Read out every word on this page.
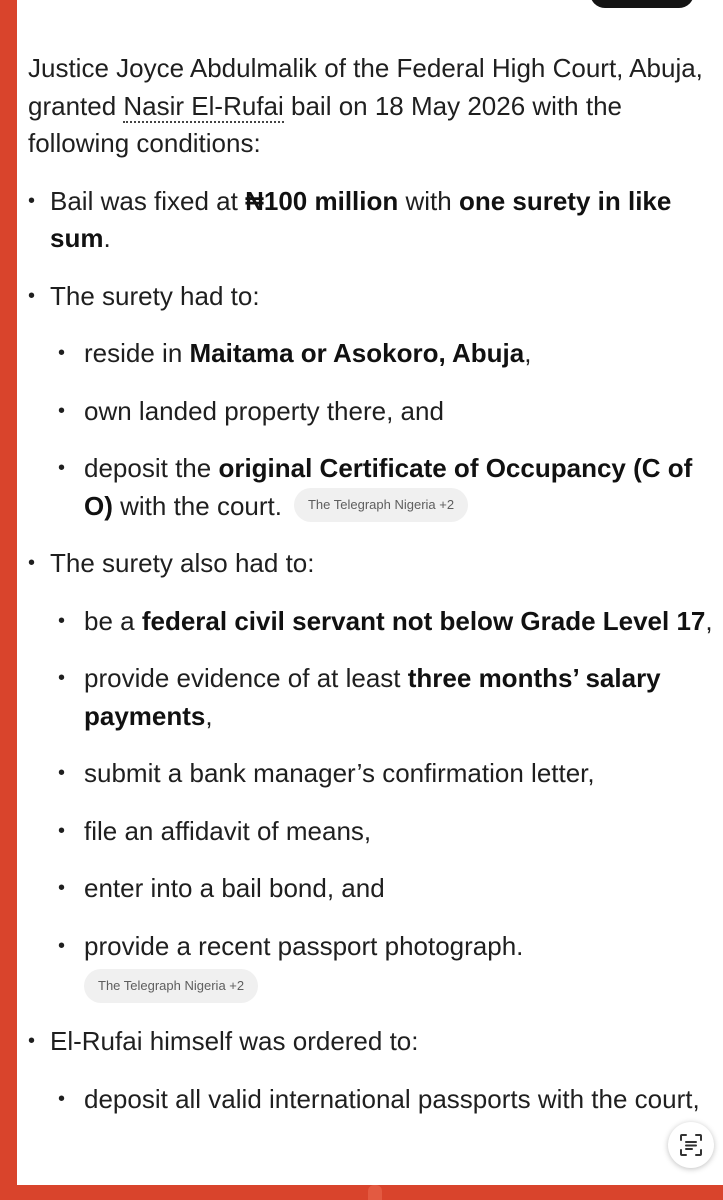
Justice Joyce Abdulmalik of the Federal High Court, Abuja, granted Nasir El-Rufai bail on 18 May 2026 with the following conditions:

• Bail was fixed at ₦100 million with one surety in like sum.
• The surety had to:
• reside in Maitama or Asokoro, Abuja,
• own landed property there, and
• deposit the original Certificate of Occupancy (C of O) with the court. The Telegraph Nigeria +2
• The surety also had to:
• be a federal civil servant not below Grade Level 17,
• provide evidence of at least three months’ salary payments,
• submit a bank manager’s confirmation letter,
• file an affidavit of means,
• enter into a bail bond, and
• provide a recent passport photograph.
The Telegraph Nigeria +2
• El-Rufai himself was ordered to:
• deposit all valid international passports with the court,
